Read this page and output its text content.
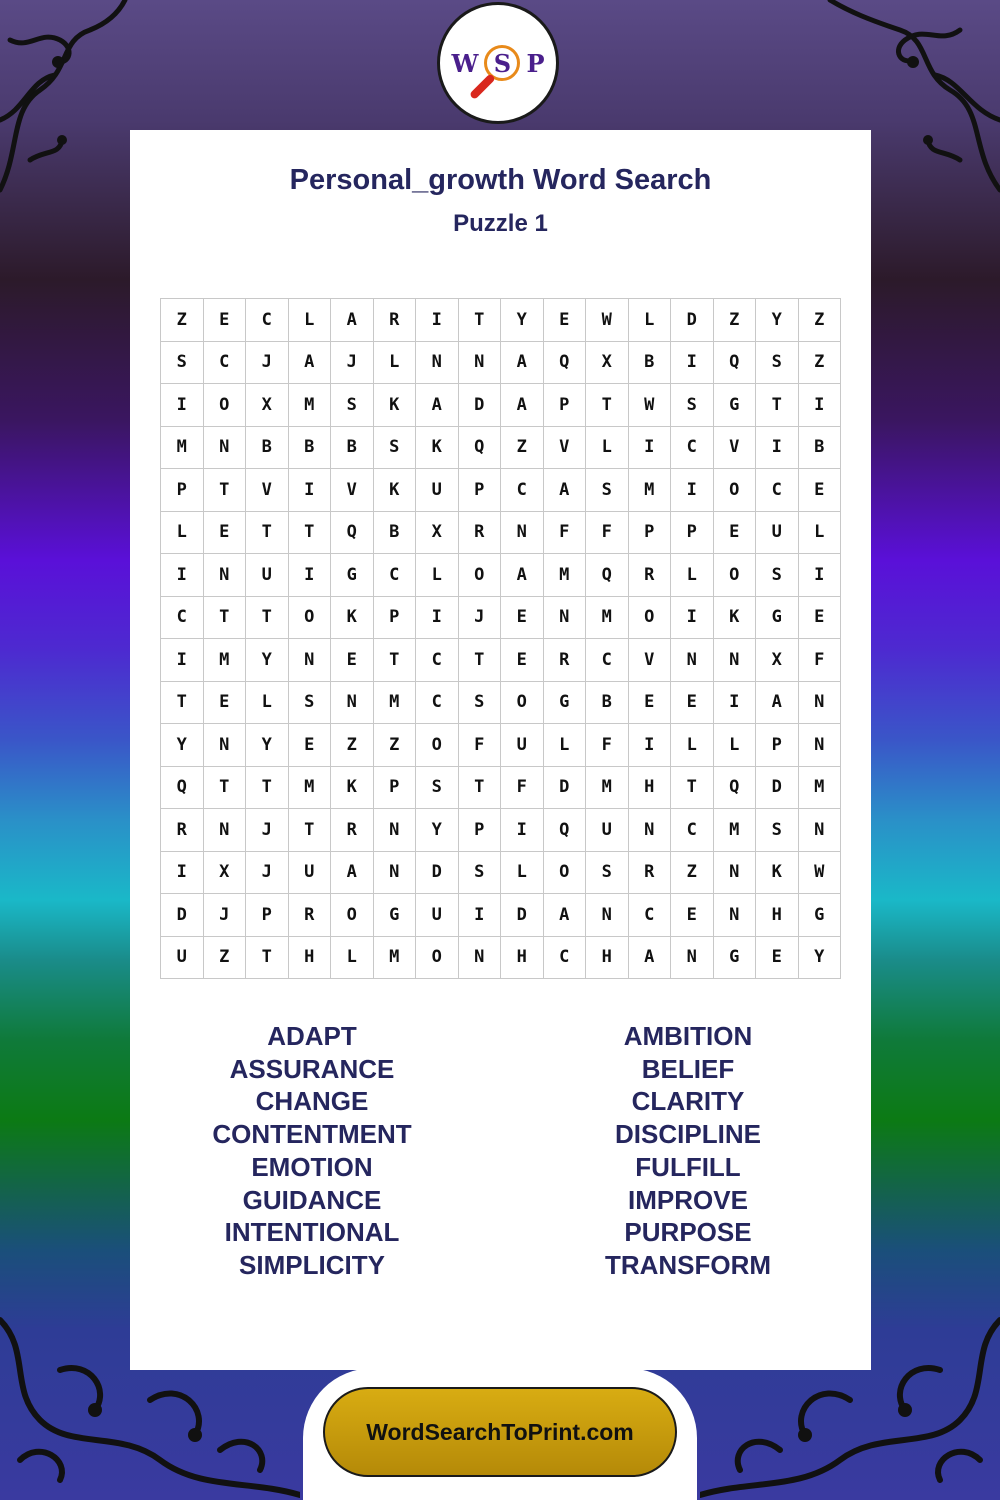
W S P
Personal_growth Word Search
Puzzle 1
Z	E	C	L	A	R	I	T	Y	E	W	L	D	Z	Y	Z
S	C	J	A	J	L	N	N	A	Q	X	B	I	Q	S	Z
I	O	X	M	S	K	A	D	A	P	T	W	S	G	T	I
M	N	B	B	B	S	K	Q	Z	V	L	I	C	V	I	B
P	T	V	I	V	K	U	P	C	A	S	M	I	O	C	E
L	E	T	T	Q	B	X	R	N	F	F	P	P	E	U	L
I	N	U	I	G	C	L	O	A	M	Q	R	L	O	S	I
C	T	T	O	K	P	I	J	E	N	M	O	I	K	G	E
I	M	Y	N	E	T	C	T	E	R	C	V	N	N	X	F
T	E	L	S	N	M	C	S	O	G	B	E	E	I	A	N
Y	N	Y	E	Z	Z	O	F	U	L	F	I	L	L	P	N
Q	T	T	M	K	P	S	T	F	D	M	H	T	Q	D	M
R	N	J	T	R	N	Y	P	I	Q	U	N	C	M	S	N
I	X	J	U	A	N	D	S	L	O	S	R	Z	N	K	W
D	J	P	R	O	G	U	I	D	A	N	C	E	N	H	G
U	Z	T	H	L	M	O	N	H	C	H	A	N	G	E	Y
ADAPT
ASSURANCE
CHANGE
CONTENTMENT
EMOTION
GUIDANCE
INTENTIONAL
SIMPLICITY
AMBITION
BELIEF
CLARITY
DISCIPLINE
FULFILL
IMPROVE
PURPOSE
TRANSFORM
WordSearchToPrint.com
